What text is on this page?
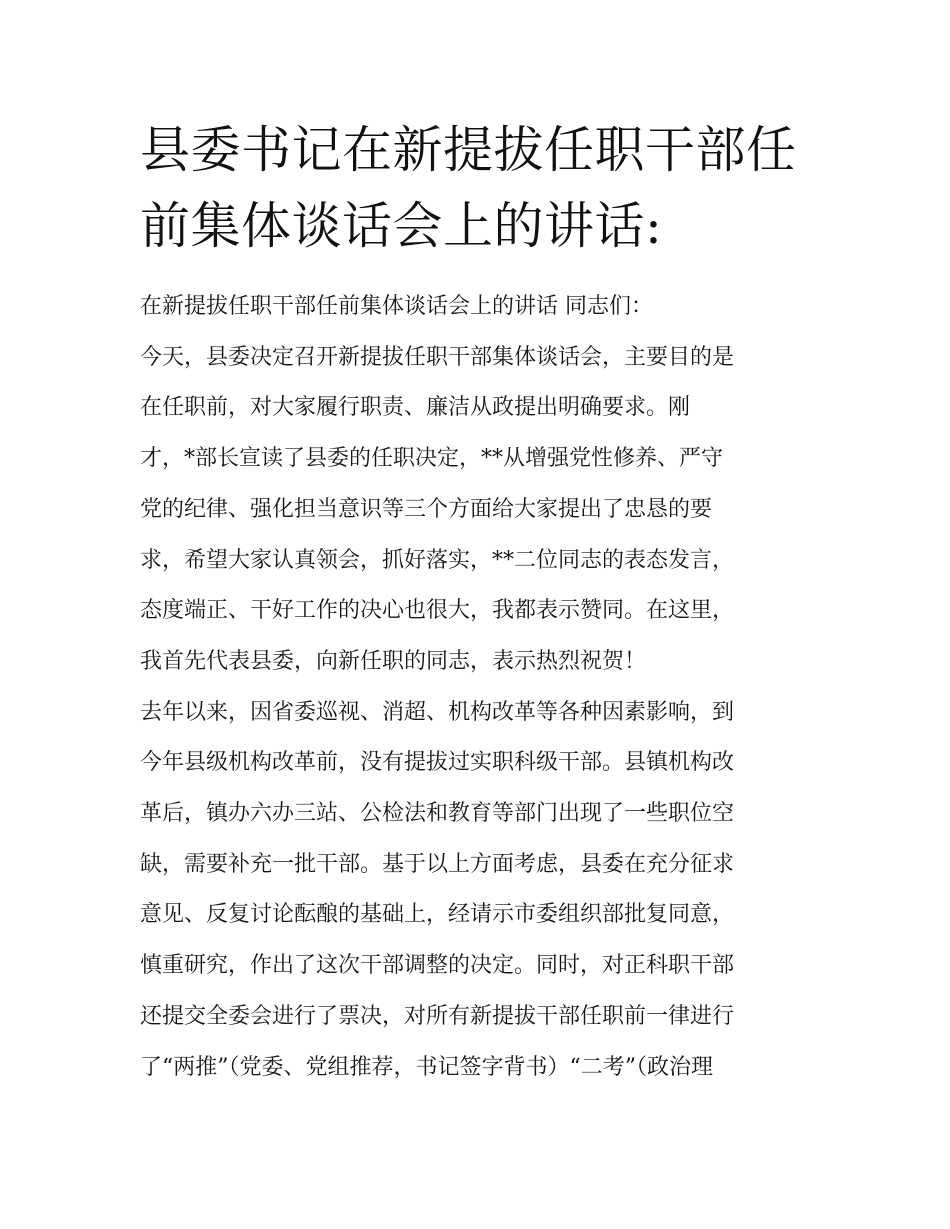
县委书记在新提拔任职干部任
前集体谈话会上的讲话:
在新提拔任职干部任前集体谈话会上的讲话 同志们：
今天，县委决定召开新提拔任职干部集体谈话会，主要目的是
在任职前，对大家履行职责、廉洁从政提出明确要求。刚
才，*部长宣读了县委的任职决定，**从增强党性修养、严守
党的纪律、强化担当意识等三个方面给大家提出了忠恳的要
求，希望大家认真领会，抓好落实，**二位同志的表态发言，
态度端正、干好工作的决心也很大，我都表示赞同。在这里，
我首先代表县委，向新任职的同志，表示热烈祝贺！
去年以来，因省委巡视、消超、机构改革等各种因素影响，到
今年县级机构改革前，没有提拔过实职科级干部。县镇机构改
革后，镇办六办三站、公检法和教育等部门出现了一些职位空
缺，需要补充一批干部。基于以上方面考虑，县委在充分征求
意见、反复讨论酝酿的基础上，经请示市委组织部批复同意，
慎重研究，作出了这次干部调整的决定。同时，对正科职干部
还提交全委会进行了票决，对所有新提拔干部任职前一律进行
了“两推”（党委、党组推荐，书记签字背书）“二考”（政治理
